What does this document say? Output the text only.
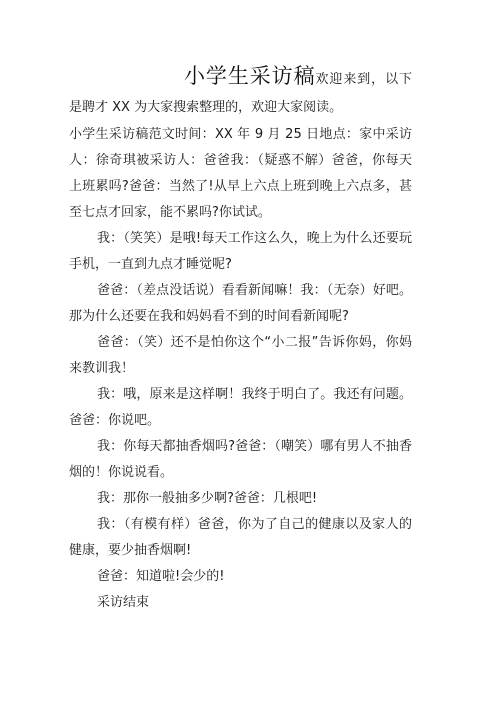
小学生采访稿欢迎来到，以下是聘才 XX 为大家搜索整理的，欢迎大家阅读。

小学生采访稿范文时间：XX 年 9 月 25 日地点：家中采访人：徐奇琪被采访人：爸爸我：（疑惑不解）爸爸，你每天上班累吗?爸爸：当然了!从早上六点上班到晚上六点多，甚至七点才回家，能不累吗?你试试。

我：（笑笑）是哦!每天工作这么久，晚上为什么还要玩手机，一直到九点才睡觉呢?

爸爸：（差点没话说）看看新闻嘛！我：（无奈）好吧。那为什么还要在我和妈妈看不到的时间看新闻呢?

爸爸：（笑）还不是怕你这个“小二报”告诉你妈，你妈来教训我！

我：哦，原来是这样啊！我终于明白了。我还有问题。爸爸：你说吧。

我：你每天都抽香烟吗?爸爸：（嘲笑）哪有男人不抽香烟的！你说说看。

我：那你一般抽多少啊?爸爸：几根吧!

我：（有模有样）爸爸，你为了自己的健康以及家人的健康，要少抽香烟啊!

爸爸：知道啦!会少的!

采访结束
